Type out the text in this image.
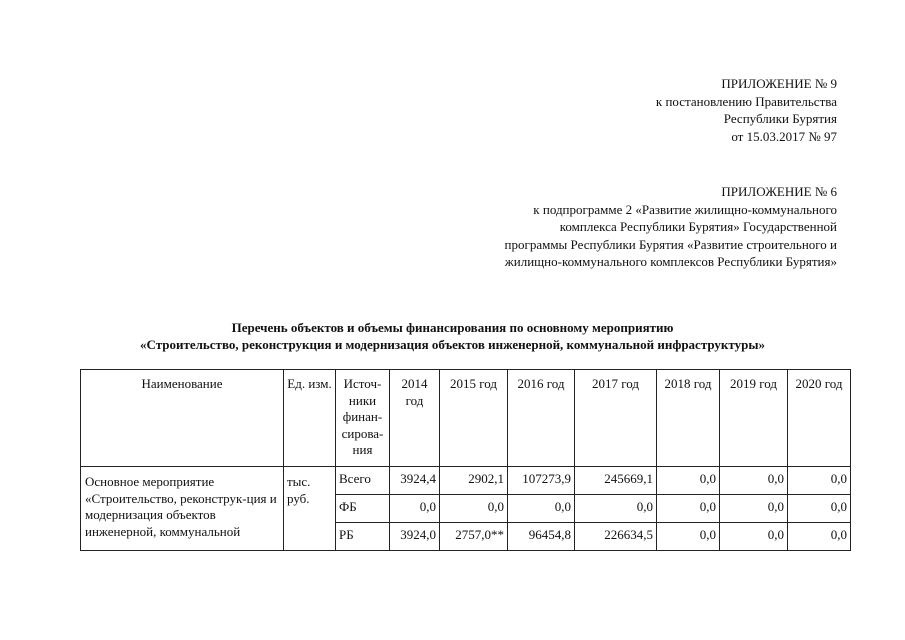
ПРИЛОЖЕНИЕ № 9
к постановлению Правительства
Республики Бурятия
от 15.03.2017 № 97
ПРИЛОЖЕНИЕ № 6
к подпрограмме 2 «Развитие жилищно-коммунального
комплекса Республики Бурятия» Государственной
программы Республики Бурятия «Развитие строительного и
жилищно-коммунального комплексов Республики Бурятия»
Перечень объектов и объемы финансирования по основному мероприятию
«Строительство, реконструкция и модернизация объектов инженерной, коммунальной инфраструктуры»
Наименование	Ед. изм.	Источ-ники финан-сирова-ния	2014 год	2015 год	2016 год	2017 год	2018 год	2019 год	2020 год
Основное мероприятие «Строительство, реконструк-ция и модернизация объектов инженерной, коммунальной	тыс. руб.	Всего	3924,4	2902,1	107273,9	245669,1	0,0	0,0	0,0
		ФБ	0,0	0,0	0,0	0,0	0,0	0,0	0,0
		РБ	3924,0	2757,0**	96454,8	226634,5	0,0	0,0	0,0
